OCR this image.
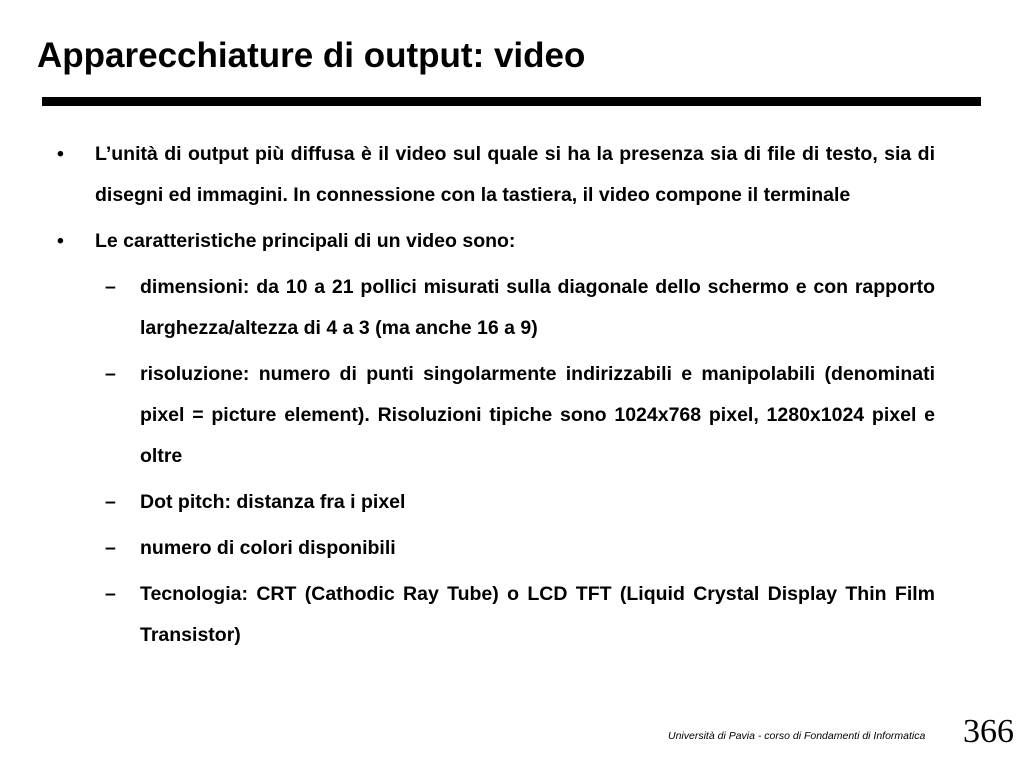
Apparecchiature di output: video
•	L’unità di output più diffusa è il video sul quale si ha la presenza sia di file di testo, sia di disegni ed immagini. In connessione con la tastiera, il video compone il terminale
•	Le caratteristiche principali di un video sono:
–	dimensioni: da 10 a 21 pollici misurati sulla diagonale dello schermo e con rapporto larghezza/altezza di 4 a 3 (ma anche 16 a 9)
–	risoluzione: numero di punti singolarmente indirizzabili e manipolabili (denominati pixel = picture element). Risoluzioni tipiche sono 1024x768 pixel, 1280x1024 pixel e oltre
–	Dot pitch: distanza fra i pixel
–	numero di colori disponibili
–	Tecnologia: CRT (Cathodic Ray Tube) o LCD TFT (Liquid Crystal Display Thin Film Transistor)
Università di Pavia - corso di Fondamenti di Informatica 366
